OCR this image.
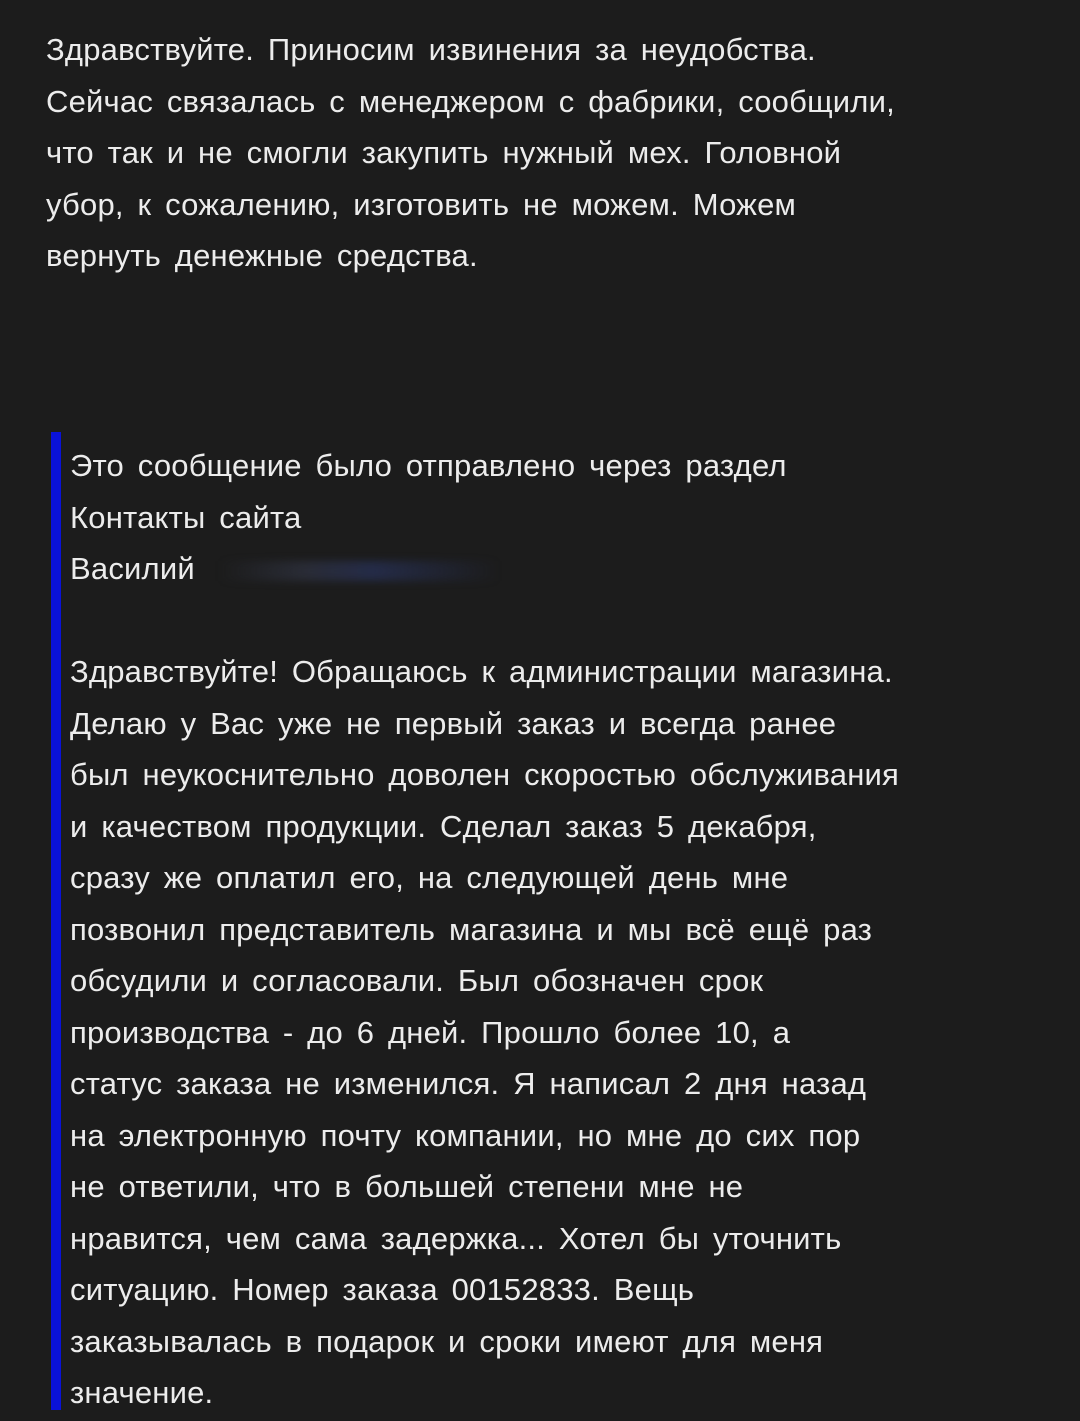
Здравствуйте. Приносим извинения за неудобства.
Сейчас связалась с менеджером с фабрики, сообщили,
что так и не смогли закупить нужный мех. Головной
убор, к сожалению, изготовить не можем. Можем
вернуть денежные средства.
Это сообщение было отправлено через раздел
Контакты сайта
Василий
Здравствуйте! Обращаюсь к администрации магазина.
Делаю у Вас уже не первый заказ и всегда ранее
был неукоснительно доволен скоростью обслуживания
и качеством продукции. Сделал заказ 5 декабря,
сразу же оплатил его, на следующей день мне
позвонил представитель магазина и мы всё ещё раз
обсудили и согласовали. Был обозначен срок
производства - до 6 дней. Прошло более 10, а
статус заказа не изменился. Я написал 2 дня назад
на электронную почту компании, но мне до сих пор
не ответили, что в большей степени мне не
нравится, чем сама задержка... Хотел бы уточнить
ситуацию. Номер заказа 00152833. Вещь
заказывалась в подарок и сроки имеют для меня
значение.
